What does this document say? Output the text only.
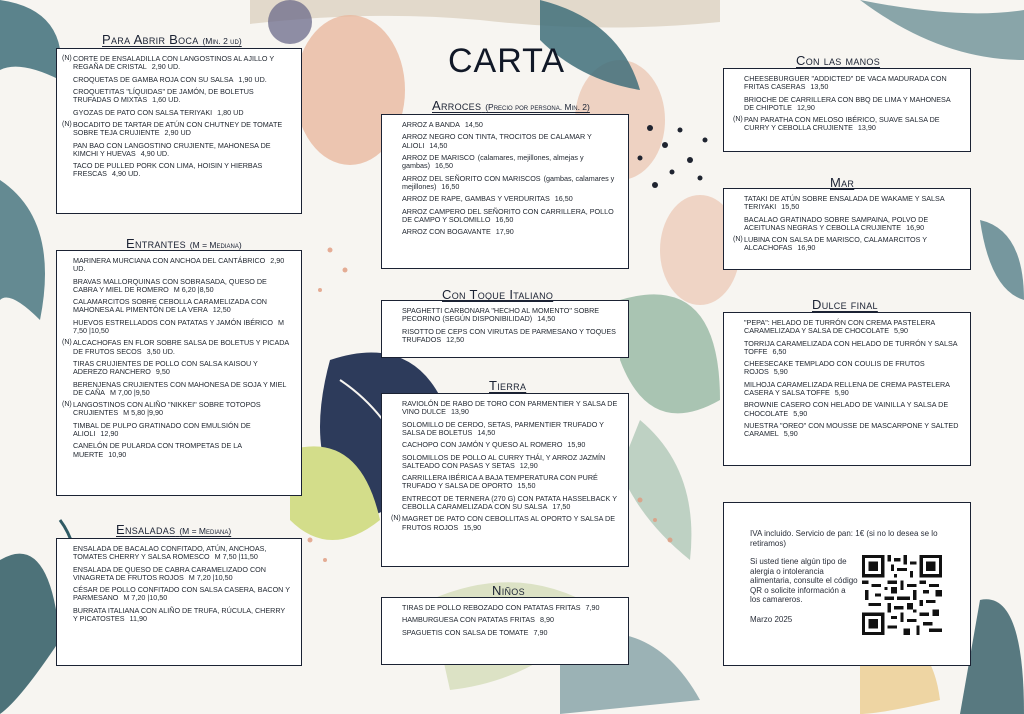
CARTA
Para Abrir Boca (Min. 2 ud)
(N) CORTE DE ENSALADILLA CON LANGOSTINOS AL AJILLO Y REGAÑA DE CRISTAL 2,90 UD.
CROQUETAS DE GAMBA ROJA CON SU SALSA 1,90 UD.
CROQUETITAS "LÍQUIDAS" DE JAMÓN, DE BOLETUS TRUFADAS O MIXTAS 1,60 UD.
GYOZAS DE PATO CON SALSA TERIYAKI 1,80 UD
(N) BOCADITO DE TARTAR DE ATÚN CON CHUTNEY DE TOMATE SOBRE TEJA CRUJIENTE 2,90 UD
PAN BAO CON LANGOSTINO CRUJIENTE, MAHONESA DE KIMCHI Y HUEVAS 4,90 UD.
TACO DE PULLED PORK CON LIMA, HOISIN Y HIERBAS FRESCAS 4,90 UD.
Entrantes (M = Mediana)
MARINERA MURCIANA CON ANCHOA DEL CANTÁBRICO 2,90 UD.
BRAVAS MALLORQUINAS CON SOBRASADA, QUESO DE CABRA Y MIEL DE ROMERO M 6,20 |8,50
CALAMARCITOS SOBRE CEBOLLA CARAMELIZADA CON MAHONESA AL PIMENTÓN DE LA VERA 12,50
HUEVOS ESTRELLADOS CON PATATAS Y JAMÓN IBÉRICO M 7,50 |10,50
(N) ALCACHOFAS EN FLOR SOBRE SALSA DE BOLETUS Y PICADA DE FRUTOS SECOS 3,50 UD.
TIRAS CRUJIENTES DE POLLO CON SALSA KAISOU Y ADEREZO RANCHERO 9,50
BERENJENAS CRUJIENTES CON MAHONESA DE SOJA Y MIEL DE CAÑA M 7,00 |9,50
(N) LANGOSTINOS CON ALIÑO "NIKKEI" SOBRE TOTOPOS CRUJIENTES M 5,80 |9,90
TIMBAL DE PULPO GRATINADO CON EMULSIÓN DE ALIOLI 12,90
CANELÓN DE PULARDA CON TROMPETAS DE LA MUERTE 10,90
Ensaladas (M = Mediana)
ENSALADA DE BACALAO CONFITADO, ATÚN, ANCHOAS, TOMATES CHERRY Y SALSA ROMESCO M 7,50 |11,50
ENSALADA DE QUESO DE CABRA CARAMELIZADO CON VINAGRETA DE FRUTOS ROJOS M 7,20 |10,50
CÉSAR DE POLLO CONFITADO CON SALSA CASERA, BACON Y PARMESANO M 7,20 |10,50
BURRATA ITALIANA CON ALIÑO DE TRUFA, RÚCULA, CHERRY Y PICATOSTES 11,90
Arroces (Precio por persona. Min. 2)
ARROZ A BANDA 14,50
ARROZ NEGRO CON TINTA, TROCITOS DE CALAMAR Y ALIOLI 14,50
ARROZ DE MARISCO (calamares, mejillones, almejas y gambas) 16,50
ARROZ DEL SEÑORITO CON MARISCOS (gambas, calamares y mejillones) 16,50
ARROZ DE RAPE, GAMBAS Y VERDURITAS 16,50
ARROZ CAMPERO DEL SEÑORITO CON CARRILLERA, POLLO DE CAMPO Y SOLOMILLO 16,50
ARROZ CON BOGAVANTE 17,90
Con Toque Italiano
SPAGHETTI CARBONARA "HECHO AL MOMENTO" SOBRE PECORINO (SEGÚN DISPONIBILIDAD) 14,50
RISOTTO DE CEPS CON VIRUTAS DE PARMESANO Y TOQUES TRUFADOS 12,50
Tierra
RAVIOLÓN DE RABO DE TORO CON PARMENTIER Y SALSA DE VINO DULCE 13,90
SOLOMILLO DE CERDO, SETAS, PARMENTIER TRUFADO Y SALSA DE BOLETUS 14,50
CACHOPO CON JAMÓN Y QUESO AL ROMERO 15,90
SOLOMILLOS DE POLLO AL CURRY THÁI, Y ARROZ JAZMÍN SALTEADO CON PASAS Y SETAS 12,90
CARRILLERA IBÉRICA A BAJA TEMPERATURA CON PURÉ TRUFADO Y SALSA DE OPORTO 15,50
ENTRECOT DE TERNERA (270 G) CON PATATA HASSELBACK Y CEBOLLA CARAMELIZADA CON SU SALSA 17,50
(N) MAGRET DE PATO CON CEBOLLITAS AL OPORTO Y SALSA DE FRUTOS ROJOS 15,90
Niños
TIRAS DE POLLO REBOZADO CON PATATAS FRITAS 7,90
HAMBURGUESA CON PATATAS FRITAS 8,90
SPAGUETIS CON SALSA DE TOMATE 7,90
Con las manos
CHEESEBURGUER "ADDICTED" DE VACA MADURADA CON FRITAS CASERAS 13,50
BRIOCHE DE CARRILLERA CON BBQ DE LIMA Y MAHONESA DE CHIPOTLE 12,90
(N) PAN PARATHA CON MELOSO IBÉRICO, SUAVE SALSA DE CURRY Y CEBOLLA CRUJIENTE 13,90
Mar
TATAKI DE ATÚN SOBRE ENSALADA DE WAKAME Y SALSA TERIYAKI 15,50
BACALAO GRATINADO SOBRE SAMPAINA, POLVO DE ACEITUNAS NEGRAS Y CEBOLLA CRUJIENTE 16,90
(N) LUBINA CON SALSA DE MARISCO, CALAMARCITOS Y ALCACHOFAS 16,90
Dulce final
"PEPA": HELADO DE TURRÓN CON CREMA PASTELERA CARAMELIZADA Y SALSA DE CHOCOLATE 5,90
TORRIJA CARAMELIZADA CON HELADO DE TURRÓN Y SALSA TOFFE 6,50
CHEESECAKE TEMPLADO CON COULIS DE FRUTOS ROJOS 5,90
MILHOJA CARAMELIZADA RELLENA DE CREMA PASTELERA CASERA Y SALSA TOFFE 5,90
BROWNIE CASERO CON HELADO DE VAINILLA Y SALSA DE CHOCOLATE 5,90
NUESTRA "OREO" CON MOUSSE DE MASCARPONE Y SALTED CARAMEL 5,90
IVA incluido. Servicio de pan: 1€ (si no lo desea se lo retiramos)
Si usted tiene algún tipo de alergia o intolerancia alimentaria, consulte el código QR o solicite información a los camareros.
Marzo 2025
